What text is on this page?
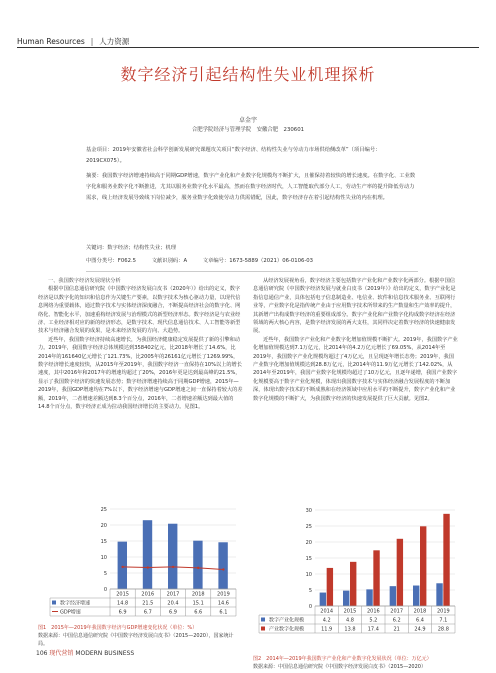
Human Resources | 人力资源
数字经济引起结构性失业机理探析
卓金宇
合肥学院经济与管理学院　安徽合肥　230601
基金项目：2019年安徽省社会科学创新发展研究课题攻关项目“数字经济、结构性失业与劳动力市场供给侧改革”（项目编号：2019CX075）。
摘要：我国数字经济增速持续高于同期GDP增速，数字产业化和产业数字化规模均不断扩大，且催保持着较快的增长速度。在数字化、工业数字化和服务业数字化不断推进，尤其以服务业数字化水平最高，然而在数字经济时代，人工智能取代部分人工，劳动生产率的提升降低劳动力需求，线上经济发展导致线下岗位减少，服务业数字化致使劳动力供需错配，因此，数字经济存在着引起结构性失业的内在机理。
关键词：数字经济；结构性失业；机理
中图分类号：F062.5	文献识别码：A	文章编号：1673-5889（2021）06-0106-03

一、我国数字经济发展现状分析

根据中国信息通信研究院《中国数字经济发展白皮书（2020年）》给出的定义，数字经济是以数字化的知识和信息作为关键生产要素，以数字技术为核心驱动力量，以现代信息网络为重要载体，通过数字技术与实体经济深度融合，不断提高经济社会的数字化、网络化、智能化水平，加速重构经济发展与治理模式的新型经济形态。数字经济是与农业经济、工业经济相对应的新的经济形态，是数字技术、现代信息通信技术、人工智能等新型技术与经济融合发展的成果，是未来经济发展的方向、大趋势。

近些年，我国数字经济持续高速增长，为我国经济健康稳定发展提供了新的引擎和动力。2019年，我国数字经济总体规模达到358402亿元，比2018年增长了14.6%，比2014年的161640亿元增长了121.73%，比2005年的26161亿元增长了1269.99%，数字经济增长速度较快，从2015年至2019年，我国数字经济一直保持在10%以上的增长速度，其中2016年和2017年的增速均超过了20%，2016年更是达到最高峰的21.5%，显示了我国数字经济的快速发展态势；数字经济增速持续高于同期GDP增速，2015年—2019年，我国GDP增速均在7%以下，数字经济增速与GDP增速之间一直保持着较大的差额，2019年，二者增速差额达到8.3个百分点，2016年，二者增速差额达到最大值的14.8个百分点，数字经济正成为拉动我国经济增长的主要动力。见图1。

从经济发展视角看，数字经济主要包括数字产业化和产业数字化两部分。根据中国信息通信研究院《中国数字经济发展与就业白皮书（2019年）》给出的定义，数字产业化是指信息通信产业，具体包括电子信息制造业、电信业、软件和信息技术服务业、互联网行业等，产业数字化是指传统产业由于应用数字技术所带来的生产数量和生产效率的提升，其新增产出构成数字经济的重要组成部分。数字产业化和产业数字化构成数字经济在经济领域的两大核心内容，是数字经济发展的两大支柱，其同样决定着数字经济的快速健康发展。

近些年，我国数字产业化和产业数字化增加值规模不断扩大。2019年，我国数字产业化增加值规模达到7.1万亿元，比2014年的4.2万亿元增长了69.05%，从2014年至2019年，我国数字产业化规模均超过了4万亿元，且呈现逐年增长态势；2019年，我国产业数字化增加值规模达到28.8万亿元，比2014年的11.9万亿元增长了142.02%，从2014年至2019年，我国产业数字化规模均超过了10万亿元，且逐年递增，我国产业数字化规模要高于数字产业化规模，体现出我国数字技术与实体经济融合发展程度的不断加深，体现出数字技术的不断成熟和在经济领域中应用水平的不断提升，数字产业化和产业数字化规模的不断扩大，为我国数字经济的快速发展提供了巨大贡献。见图2。

0
5
10
15
20
25
2015 2016 2017 2018 2019
数字经济增速	14.8	21.5	20.4	15.1	14.6
GDP增速	6.9	6.7	6.9	6.6	6.1
图1　2015年—2019年我国数字经济与GDP增速变化状况（单位：%）
数据来源：中国信息通信研究院《中国数字经济发展白皮书》（2015—2020），国家统计局。
0
5
10
15
20
25
30
2014 2015 2016 2017 2018 2019
数字产业化规模	4.2	4.8	5.2	6.2	6.4	7.1
产业数字化规模	11.9 13.8 17.4	21	24.9 28.8
图2　2014年—2019年我国数字产业化和产业数字化发展状况（单位：万亿元）
数据来源：中国信息通信研究院《中国数字经济发展白皮书》（2015—2020）
106 现代营销 MODERN BUSINESS
